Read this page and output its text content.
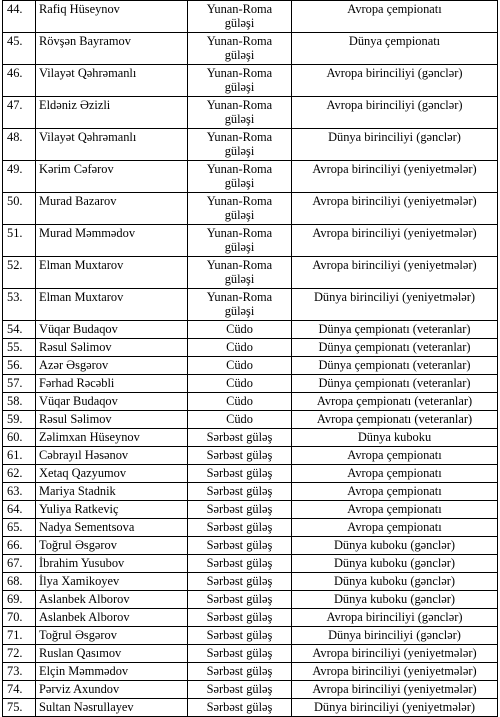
44.	Rafiq Hüseynov	Yunan-Roma güləşi	Avropa çempionatı
45.	Rövşən Bayramov	Yunan-Roma güləşi	Dünya çempionatı
46.	Vilayət Qəhrəmanlı	Yunan-Roma güləşi	Avropa birinciliyi (gənclər)
47.	Eldəniz Əzizli	Yunan-Roma güləşi	Avropa birinciliyi (gənclər)
48.	Vilayət Qəhrəmanlı	Yunan-Roma güləşi	Dünya birinciliyi (gənclər)
49.	Kərim Cəfərov	Yunan-Roma güləşi	Avropa birinciliyi (yeniyetmələr)
50.	Murad Bazarov	Yunan-Roma güləşi	Avropa birinciliyi (yeniyetmələr)
51.	Murad Məmmədov	Yunan-Roma güləşi	Avropa birinciliyi (yeniyetmələr)
52.	Elman Muxtarov	Yunan-Roma güləşi	Avropa birinciliyi (yeniyetmələr)
53.	Elman Muxtarov	Yunan-Roma güləşi	Dünya birinciliyi (yeniyetmələr)
54.	Vüqar Budaqov	Cüdo	Dünya çempionatı (veteranlar)
55.	Rəsul Səlimov	Cüdo	Dünya çempionatı (veteranlar)
56.	Azər Əsgərov	Cüdo	Dünya çempionatı (veteranlar)
57.	Fərhad Rəcəbli	Cüdo	Dünya çempionatı (veteranlar)
58.	Vüqar Budaqov	Cüdo	Avropa çempionatı (veteranlar)
59.	Rəsul Səlimov	Cüdo	Avropa çempionatı (veteranlar)
60.	Zəlimxan Hüseynov	Sərbəst güləş	Dünya kuboku
61.	Cəbrayıl Həsənov	Sərbəst güləş	Avropa çempionatı
62.	Xetaq Qazyumov	Sərbəst güləş	Avropa çempionatı
63.	Mariya Stadnik	Sərbəst güləş	Avropa çempionatı
64.	Yuliya Ratkeviç	Sərbəst güləş	Avropa çempionatı
65.	Nadya Sementsova	Sərbəst güləş	Avropa çempionatı
66.	Toğrul Əsgərov	Sərbəst güləş	Dünya kuboku (gənclər)
67.	İbrahim Yusubov	Sərbəst güləş	Dünya kuboku (gənclər)
68.	İlya Xamikoyev	Sərbəst güləş	Dünya kuboku (gənclər)
69.	Aslanbek Alborov	Sərbəst güləş	Dünya kuboku (gənclər)
70.	Aslanbek Alborov	Sərbəst güləş	Avropa birinciliyi (gənclər)
71.	Toğrul Əsgərov	Sərbəst güləş	Dünya birinciliyi (gənclər)
72.	Ruslan Qasımov	Sərbəst güləş	Avropa birinciliyi (yeniyetmələr)
73.	Elçin Məmmədov	Sərbəst güləş	Avropa birinciliyi (yeniyetmələr)
74.	Pərviz Axundov	Sərbəst güləş	Avropa birinciliyi (yeniyetmələr)
75.	Sultan Nəsrullayev	Sərbəst güləş	Dünya birinciliyi (yeniyetmələr)
